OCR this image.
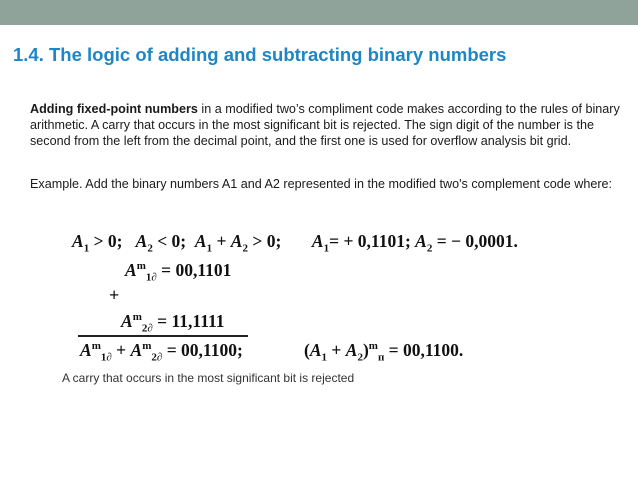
1.4. The logic of adding and subtracting binary numbers

Adding fixed-point numbers in a modified two’s compliment code makes according to the rules of binary arithmetic. A carry that occurs in the most significant bit is rejected. The sign digit of the number is the second from the left from the decimal point, and the first one is used for overflow analysis bit grid.

Example. Add the binary numbers A1 and A2 represented in the modified two's complement code where:

$A_1 > 0$;   $A_2 < 0$;  $A_1 + A_2 > 0$;       $A_1= + 0,1101$; $A_2$ = − 0,0001.
$A^m_{1\partial} = 00,1101$
+
$A^m_{2\partial} = 11,1111$
$A^m_{1\partial} + A^m_{2\partial} = 00,1100$;	$(A_1 + A_2)^m_п = 00,1100$.

A carry that occurs in the most significant bit is rejected
